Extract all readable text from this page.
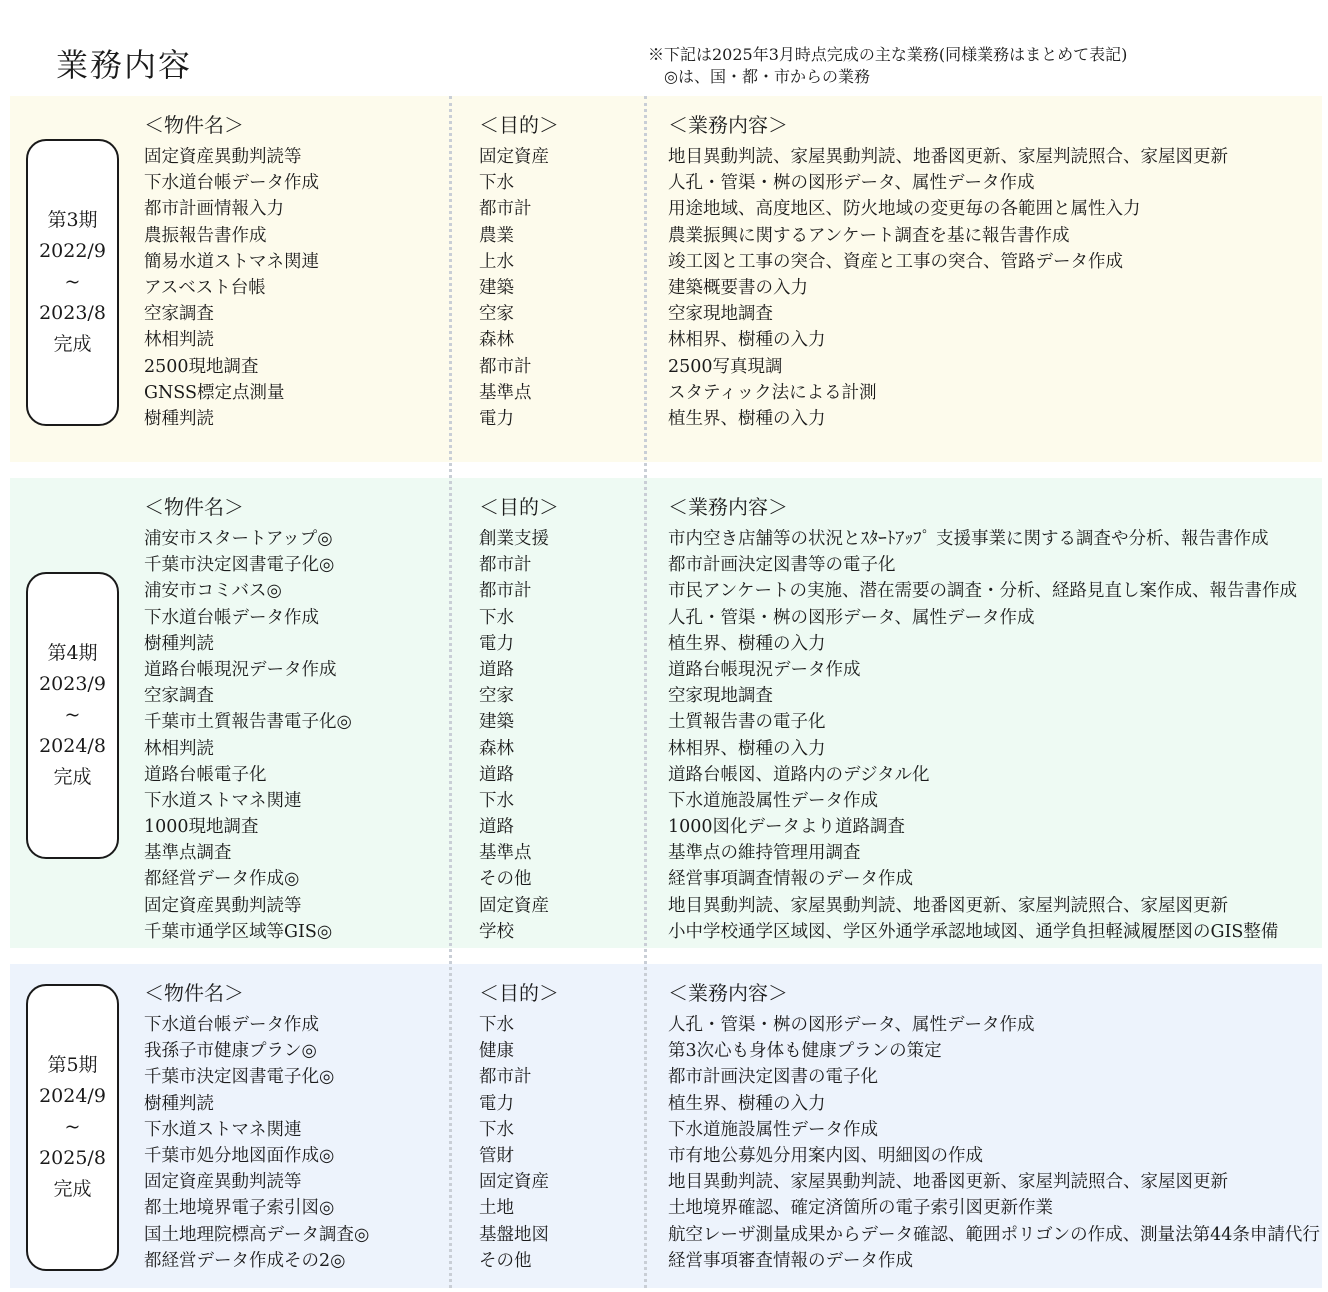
業務内容	※下記は2025年3月時点完成の主な業務(同様業務はまとめて表記)
　◎は、国・都・市からの業務
第3期
2022/9
~
2023/8
完成
＜物件名＞
固定資産異動判読等
下水道台帳データ作成
都市計画情報入力
農振報告書作成
簡易水道ストマネ関連
アスベスト台帳
空家調査
林相判読
2500現地調査
GNSS標定点測量
樹種判読
＜目的＞
固定資産
下水
都市計
農業
上水
建築
空家
森林
都市計
基準点
電力
＜業務内容＞
地目異動判読、家屋異動判読、地番図更新、家屋判読照合、家屋図更新
人孔・管渠・桝の図形データ、属性データ作成
用途地域、高度地区、防火地域の変更毎の各範囲と属性入力
農業振興に関するアンケート調査を基に報告書作成
竣工図と工事の突合、資産と工事の突合、管路データ作成
建築概要書の入力
空家現地調査
林相界、樹種の入力
2500写真現調
スタティック法による計測
植生界、樹種の入力
第4期
2023/9
~
2024/8
完成
＜物件名＞
浦安市スタートアップ◎
千葉市決定図書電子化◎
浦安市コミバス◎
下水道台帳データ作成
樹種判読
道路台帳現況データ作成
空家調査
千葉市土質報告書電子化◎
林相判読
道路台帳電子化
下水道ストマネ関連
1000現地調査
基準点調査
都経営データ作成◎
固定資産異動判読等
千葉市通学区域等GIS◎
＜目的＞
創業支援
都市計
都市計
下水
電力
道路
空家
建築
森林
道路
下水
道路
基準点
その他
固定資産
学校
＜業務内容＞
市内空き店舗等の状況とｽﾀｰﾄｱｯﾌﾟ 支援事業に関する調査や分析、報告書作成
都市計画決定図書等の電子化
市民アンケートの実施、潜在需要の調査・分析、経路見直し案作成、報告書作成
人孔・管渠・桝の図形データ、属性データ作成
植生界、樹種の入力
道路台帳現況データ作成
空家現地調査
土質報告書の電子化
林相界、樹種の入力
道路台帳図、道路内のデジタル化
下水道施設属性データ作成
1000図化データより道路調査
基準点の維持管理用調査
経営事項調査情報のデータ作成
地目異動判読、家屋異動判読、地番図更新、家屋判読照合、家屋図更新
小中学校通学区域図、学区外通学承認地域図、通学負担軽減履歴図のGIS整備
第5期
2024/9
~
2025/8
完成
＜物件名＞
下水道台帳データ作成
我孫子市健康プラン◎
千葉市決定図書電子化◎
樹種判読
下水道ストマネ関連
千葉市処分地図面作成◎
固定資産異動判読等
都土地境界電子索引図◎
国土地理院標高データ調査◎
都経営データ作成その2◎
＜目的＞
下水
健康
都市計
電力
下水
管財
固定資産
土地
基盤地図
その他
＜業務内容＞
人孔・管渠・桝の図形データ、属性データ作成
第3次心も身体も健康プランの策定
都市計画決定図書の電子化
植生界、樹種の入力
下水道施設属性データ作成
市有地公募処分用案内図、明細図の作成
地目異動判読、家屋異動判読、地番図更新、家屋判読照合、家屋図更新
土地境界確認、確定済箇所の電子索引図更新作業
航空レーザ測量成果からデータ確認、範囲ポリゴンの作成、測量法第44条申請代行
経営事項審査情報のデータ作成
